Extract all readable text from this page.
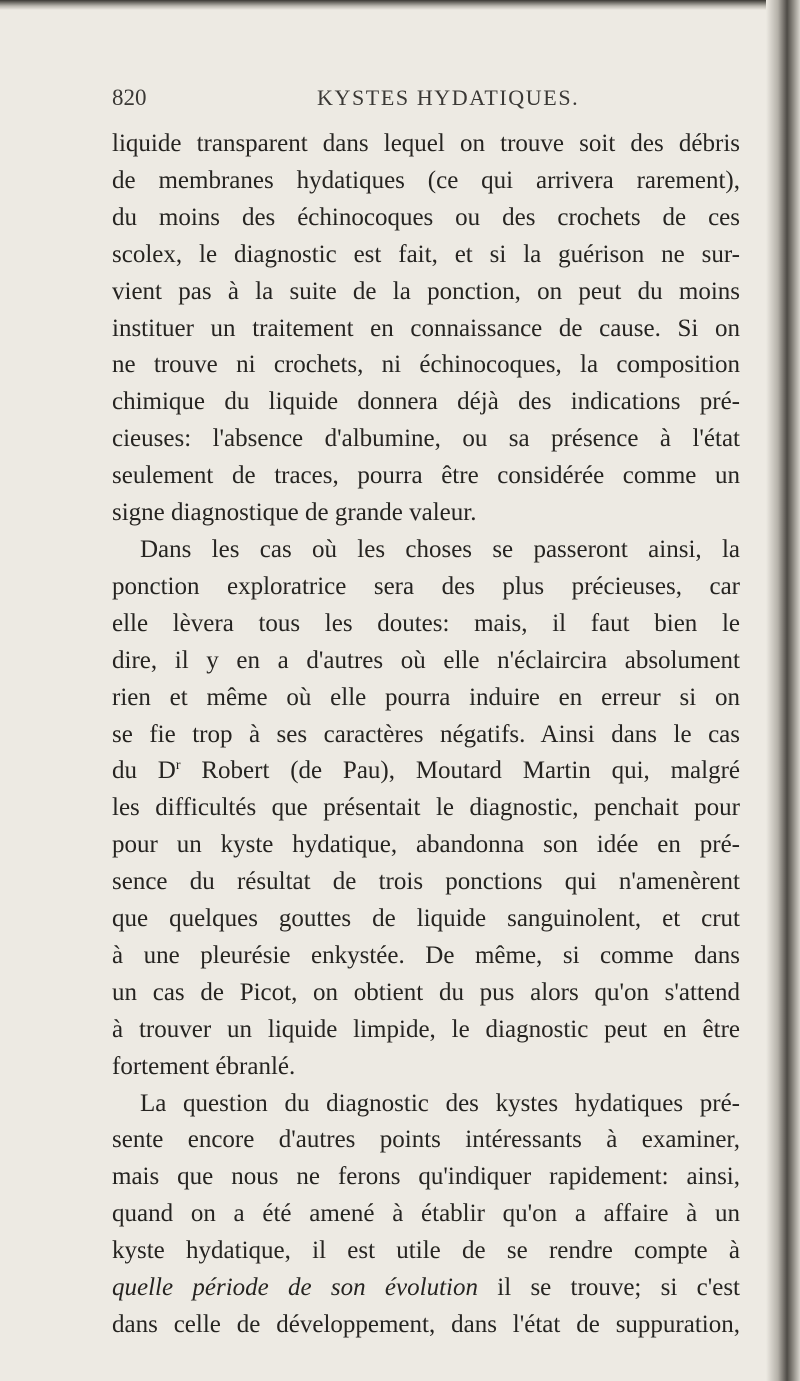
820	KYSTES HYDATIQUES.
liquide transparent dans lequel on trouve soit des débris
de membranes hydatiques (ce qui arrivera rarement),
du moins des échinocoques ou des crochets de ces
scolex, le diagnostic est fait, et si la guérison ne sur-
vient pas à la suite de la ponction, on peut du moins
instituer un traitement en connaissance de cause. Si on
ne trouve ni crochets, ni échinocoques, la composition
chimique du liquide donnera déjà des indications pré-
cieuses: l'absence d'albumine, ou sa présence à l'état
seulement de traces, pourra être considérée comme un
signe diagnostique de grande valeur.
Dans les cas où les choses se passeront ainsi, la
ponction exploratrice sera des plus précieuses, car
elle lèvera tous les doutes: mais, il faut bien le
dire, il y en a d'autres où elle n'éclaircira absolument
rien et même où elle pourra induire en erreur si on
se fie trop à ses caractères négatifs. Ainsi dans le cas
du $D^r$ Robert (de Pau), Moutard Martin qui, malgré
les difficultés que présentait le diagnostic, penchait pour
pour un kyste hydatique, abandonna son idée en pré-
sence du résultat de trois ponctions qui n'amenèrent
que quelques gouttes de liquide sanguinolent, et crut
à une pleurésie enkystée. De même, si comme dans
un cas de Picot, on obtient du pus alors qu'on s'attend
à trouver un liquide limpide, le diagnostic peut en être
fortement ébranlé.
La question du diagnostic des kystes hydatiques pré-
sente encore d'autres points intéressants à examiner,
mais que nous ne ferons qu'indiquer rapidement: ainsi,
quand on a été amené à établir qu'on a affaire à un
kyste hydatique, il est utile de se rendre compte à
quelle période de son évolution il se trouve; si c'est
dans celle de développement, dans l'état de suppuration,
